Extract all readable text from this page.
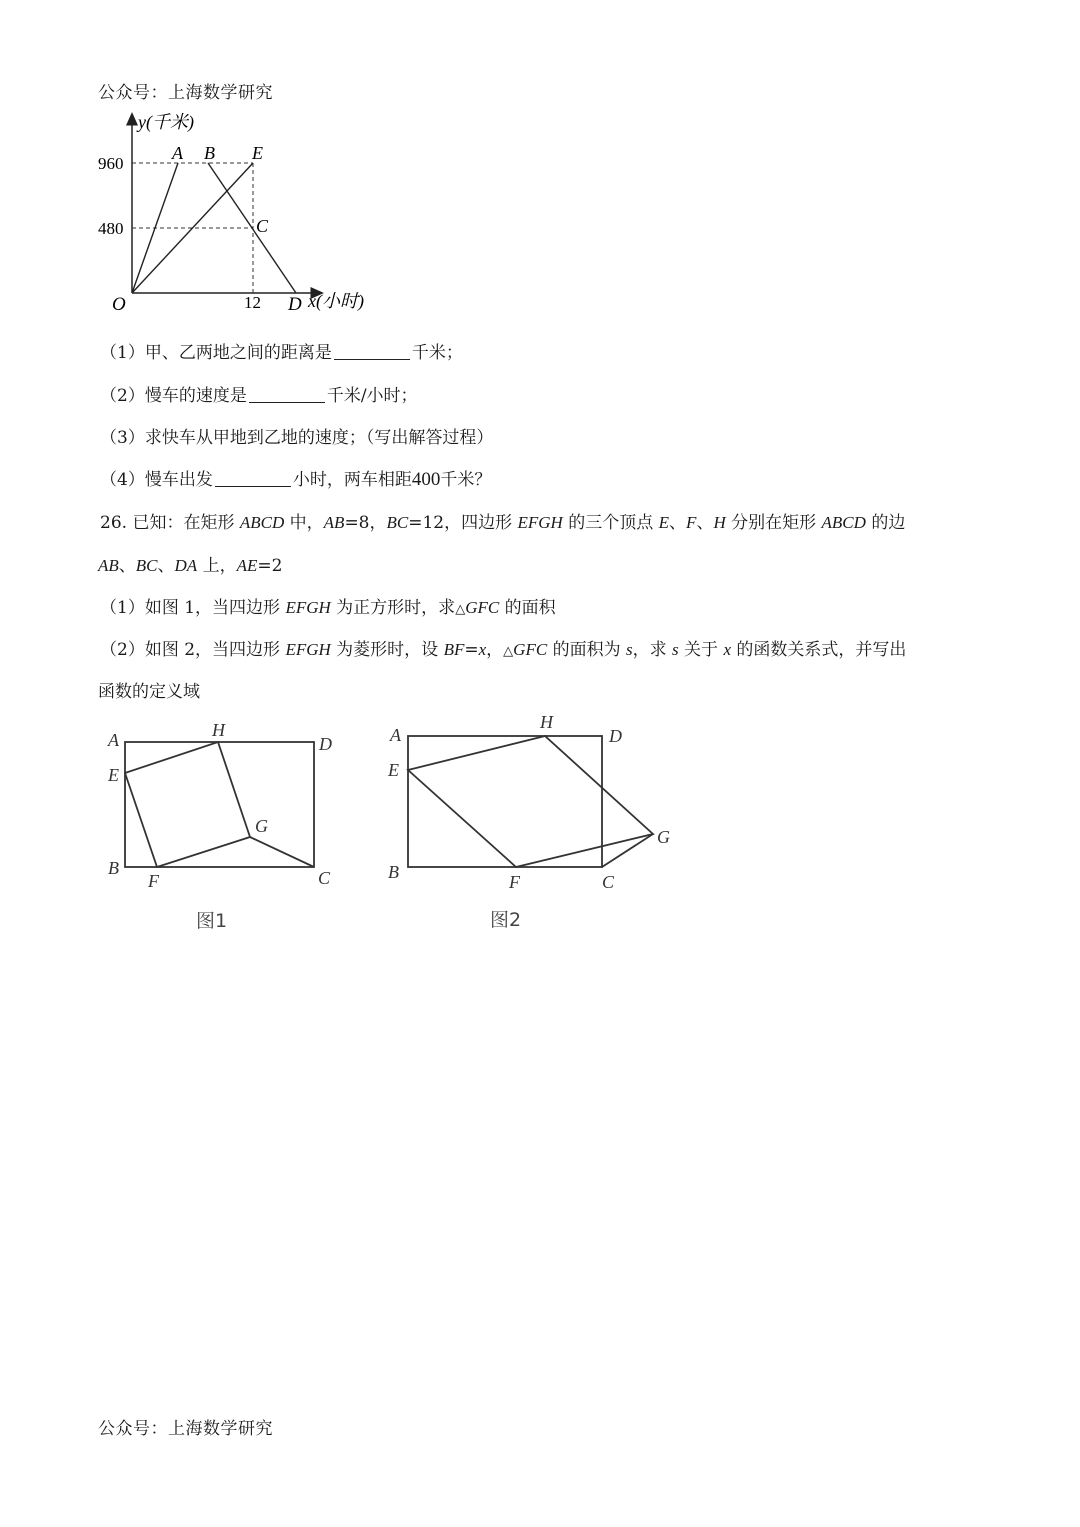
公众号：上海数学研究
y(千米)
960
480
12
O
A B E
C
D x(小时)
（1）甲、乙两地之间的距离是	千米；
（2）慢车的速度是	千米/小时；
（3）求快车从甲地到乙地的速度；（写出解答过程）
（4）慢车出发	小时，两车相距400千米？
26. 已知：在矩形 ABCD 中，AB=8，BC=12，四边形 EFGH 的三个顶点 E、F、H 分别在矩形 ABCD 的边
AB、BC、DA 上，AE=2
（1）如图 1，当四边形 EFGH 为正方形时，求△GFC 的面积
（2）如图 2，当四边形 EFGH 为菱形时，设 BF=x，△GFC 的面积为 s，求 s 关于 x 的函数关系式，并写出
函数的定义域
A	H
D
E
G
B
F	C
图1
A
H
D
E
G
B	F	C
图2
公众号：上海数学研究
